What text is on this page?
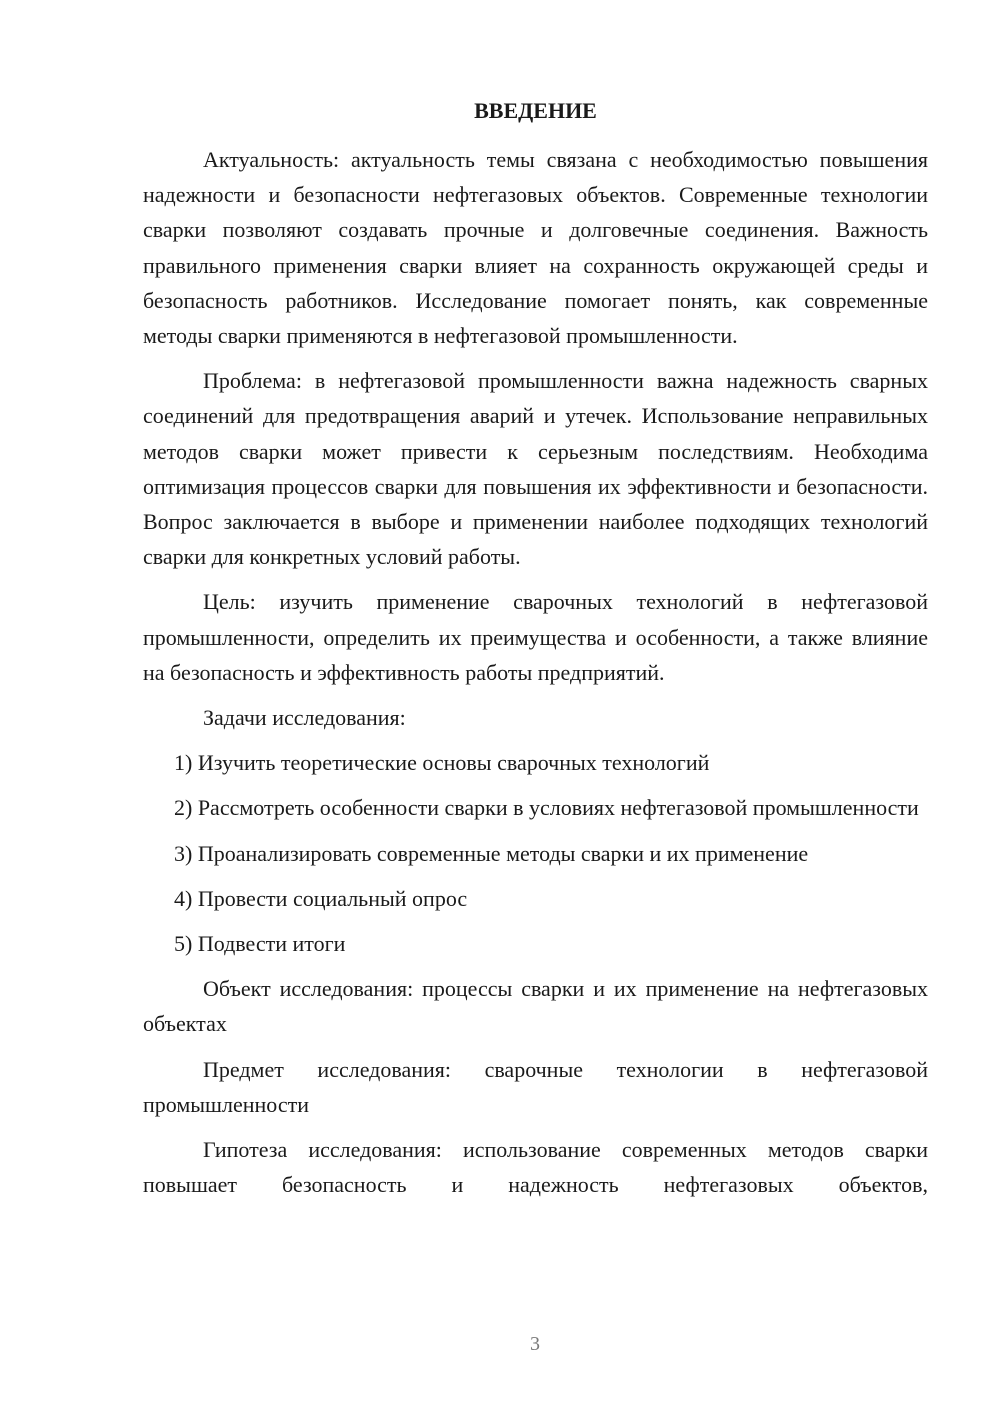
ВВЕДЕНИЕ

Актуальность: актуальность темы связана с необходимостью повышения надежности и безопасности нефтегазовых объектов. Современные технологии сварки позволяют создавать прочные и долговечные соединения. Важность правильного применения сварки влияет на сохранность окружающей среды и безопасность работников. Исследование помогает понять, как современные методы сварки применяются в нефтегазовой промышленности.

Проблема: в нефтегазовой промышленности важна надежность сварных соединений для предотвращения аварий и утечек. Использование неправильных методов сварки может привести к серьезным последствиям. Необходима оптимизация процессов сварки для повышения их эффективности и безопасности. Вопрос заключается в выборе и применении наиболее подходящих технологий сварки для конкретных условий работы.

Цель: изучить применение сварочных технологий в нефтегазовой промышленности, определить их преимущества и особенности, а также влияние на безопасность и эффективность работы предприятий.

Задачи исследования:

1) Изучить теоретические основы сварочных технологий

2) Рассмотреть особенности сварки в условиях нефтегазовой промышленности

3) Проанализировать современные методы сварки и их применение

4) Провести социальный опрос

5) Подвести итоги

Объект исследования: процессы сварки и их применение на нефтегазовых объектах

Предмет исследования: сварочные технологии в нефтегазовой промышленности

Гипотеза исследования: использование современных методов сварки повышает безопасность и надежность нефтегазовых объектов,

3
